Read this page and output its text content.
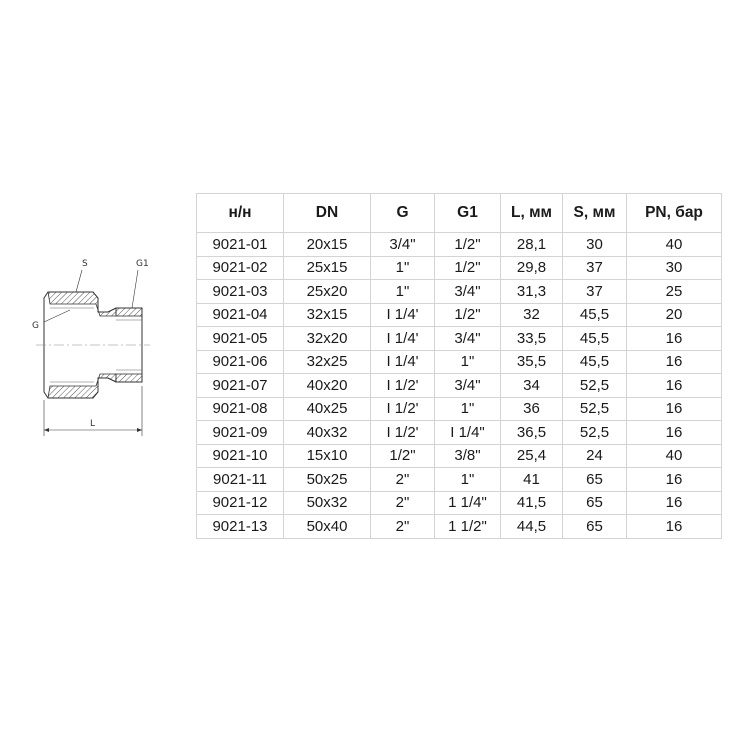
S	G1
G
L
н/н	DN	G	G1	L, мм	S, мм	PN, бар
9021-01	20x15	3/4"	1/2"	28,1	30	40
9021-02	25x15	1"	1/2"	29,8	37	30
9021-03	25x20	1"	3/4"	31,3	37	25
9021-04	32x15	I 1/4'	1/2"	32	45,5	20
9021-05	32x20	I 1/4'	3/4"	33,5	45,5	16
9021-06	32x25	I 1/4'	1"	35,5	45,5	16
9021-07	40x20	I 1/2'	3/4"	34	52,5	16
9021-08	40x25	I 1/2'	1"	36	52,5	16
9021-09	40x32	I 1/2'	I 1/4"	36,5	52,5	16
9021-10	15x10	1/2"	3/8"	25,4	24	40
9021-11	50x25	2"	1"	41	65	16
9021-12	50x32	2"	1 1/4"	41,5	65	16
9021-13	50x40	2"	1 1/2"	44,5	65	16
